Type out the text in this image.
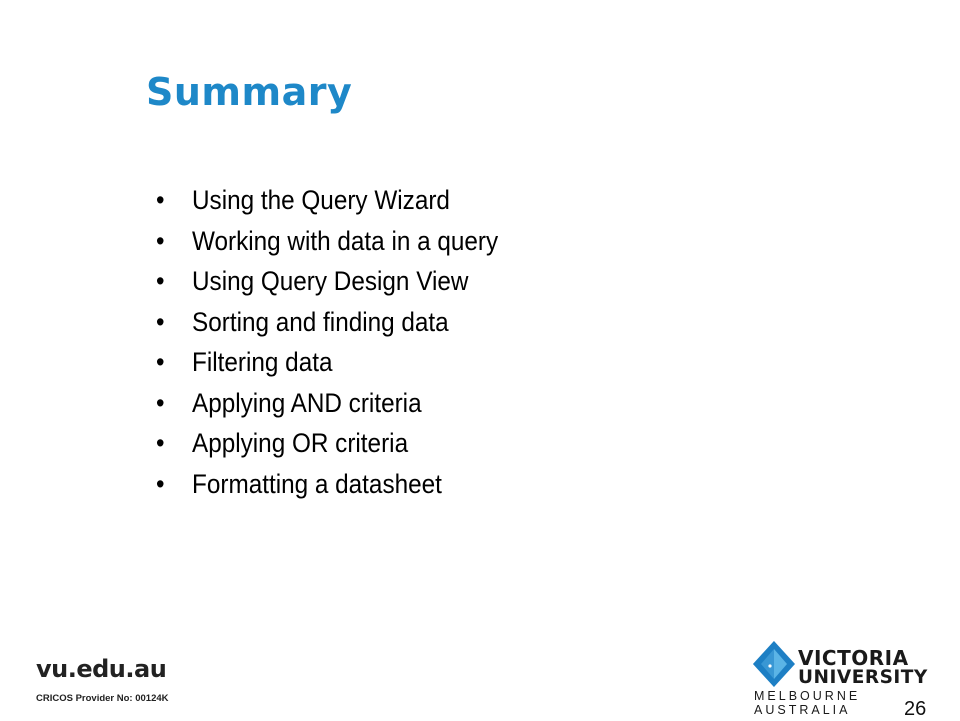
Summary
• Using the Query Wizard
• Working with data in a query
• Using Query Design View
• Sorting and finding data
• Filtering data
• Applying AND criteria
• Applying OR criteria
• Formatting a datasheet
vu.edu.au
CRICOS Provider No: 00124K
VICTORIA
UNIVERSITY
MELBOURNE AUSTRALIA	26
